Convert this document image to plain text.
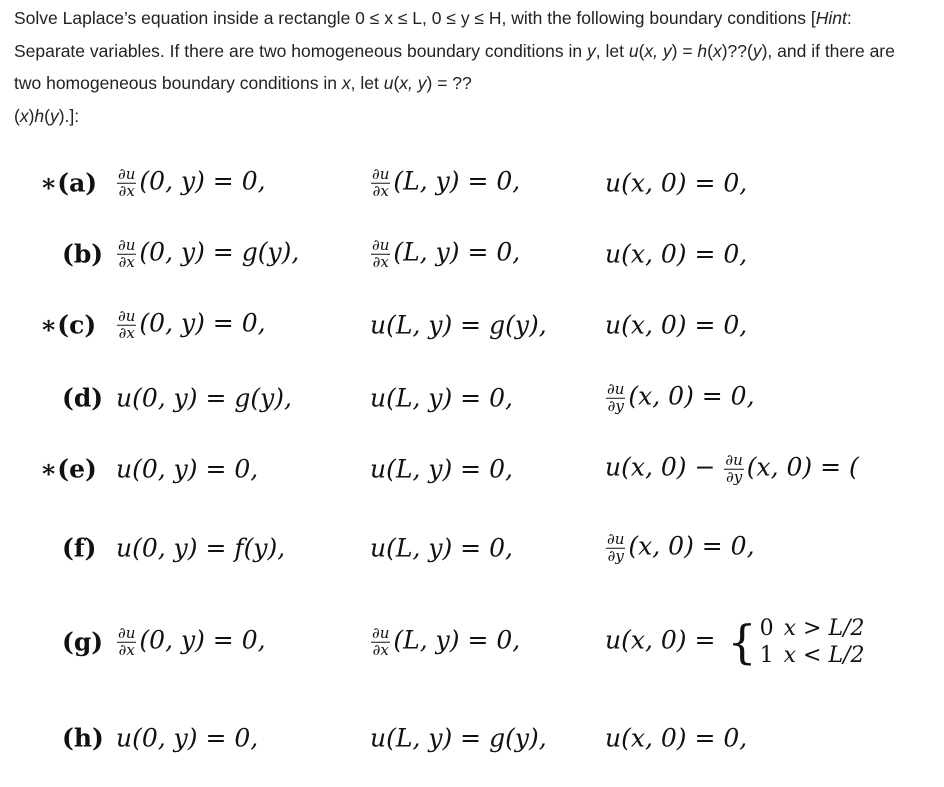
Solve Laplace’s equation inside a rectangle 0 ≤ x ≤ L, 0 ≤ y ≤ H, with the following boundary conditions [Hint: Separate variables. If there are two homogeneous boundary conditions in y, let u(x, y) = h(x)??(y), and if there are two homogeneous boundary conditions in x, let u(x, y) = ??
(x)h(y).]:

∗(a) $\frac{\partial u}{\partial x} (0$, y) = 0,	$\frac{\partial u}{\partial x} (L$, y) = 0,	u(x, 0) = 0,
$(b) \frac{\partial u}{\partial x} (0$, y) = g(y),	$\frac{\partial u}{\partial x} (L$, y) = 0,	u(x, 0) = 0,
∗(c) $\frac{\partial u}{\partial x} (0$, y) = 0,	u(L, y) = g(y), u(x, 0) = 0,
(d) u(0, y) = g(y),	u(L, y) = 0,	$\frac{\partial u}{\partial y} (x$, 0) = 0,
∗(e) u(0, y) = 0,	u(L, y) = 0,	u(x, $0) - \frac{\partial u}{\partial y} (x$, 0) = (
(f) u(0, y) = f(y),	u(L, y) = 0,	$\frac{\partial u}{\partial y} (x$, 0) = 0,
$(g) \frac{\partial u}{\partial x} (0$, y) = 0,	$\frac{\partial u}{\partial x} (L$, y) = 0,	u(x, 0) = { 0 x > L/2
1 x < L/2
(h) u(0, y) = 0,	u(L, y) = g(y), u(x, 0) = 0,
